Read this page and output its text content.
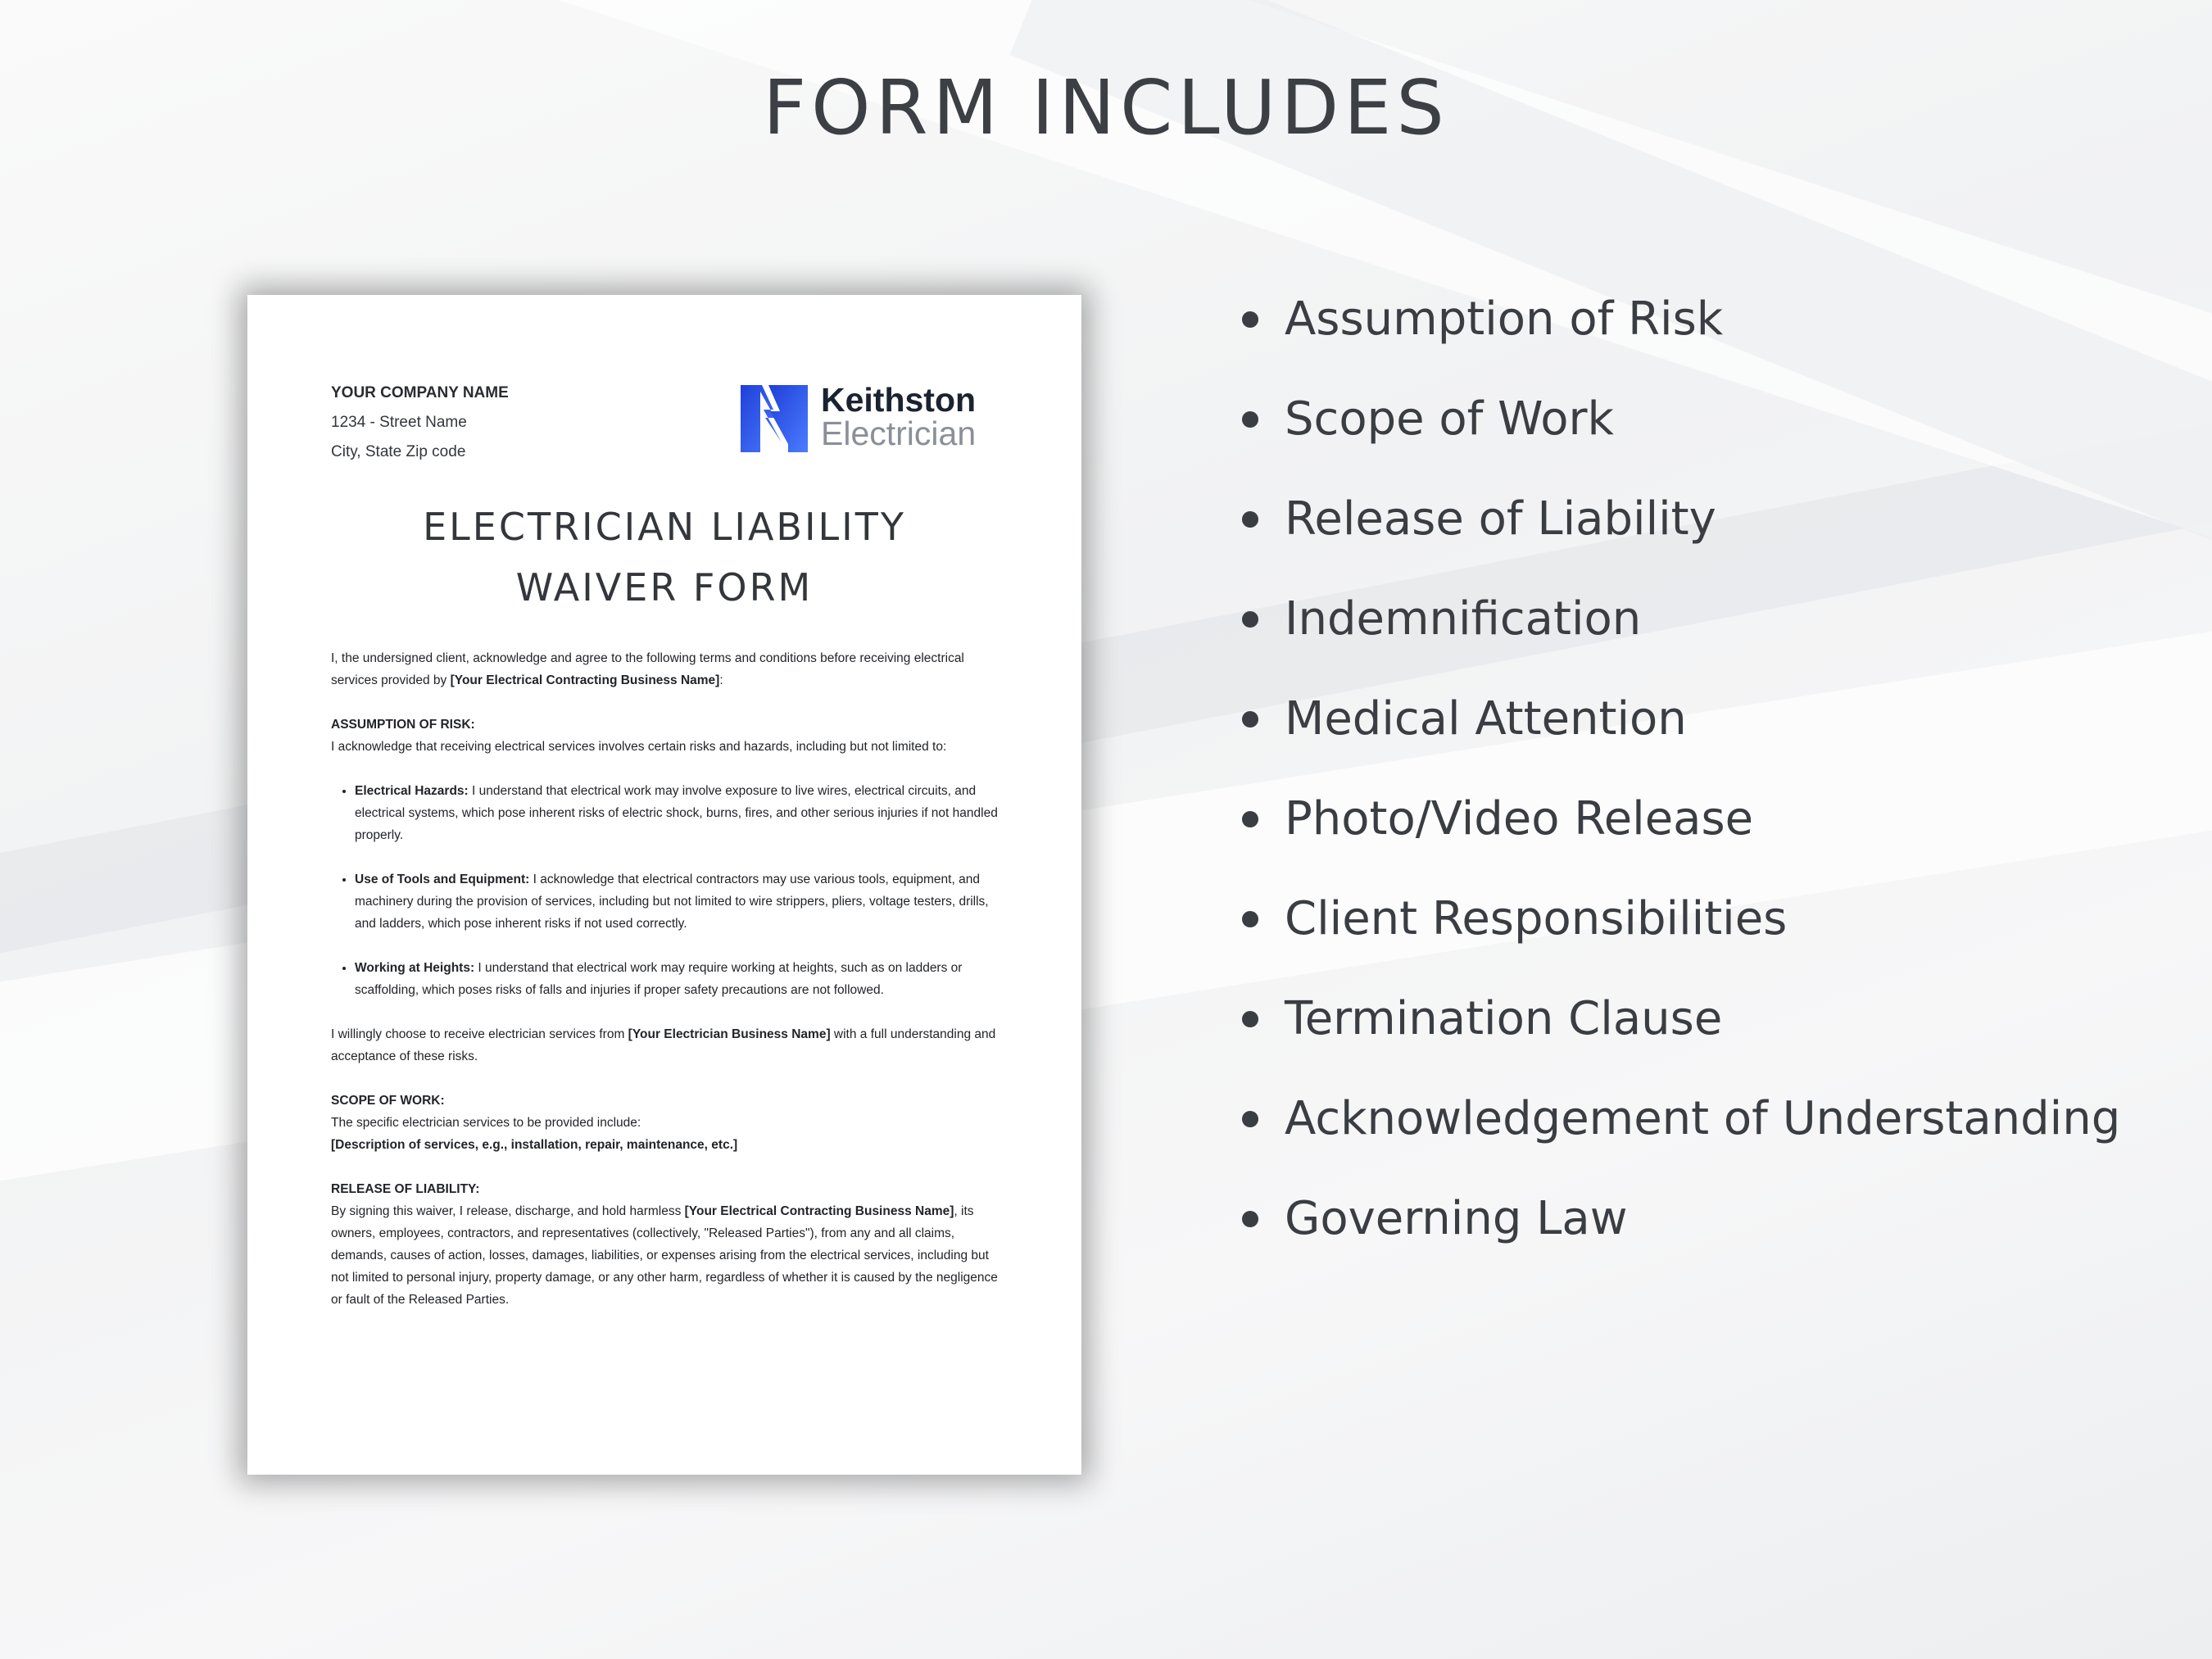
FORM INCLUDES
YOUR COMPANY NAME
1234 - Street Name
City, State Zip code
Keithston
Electrician
ELECTRICIAN LIABILITY
WAIVER FORM

I, the undersigned client, acknowledge and agree to the following terms and conditions before receiving electrical services provided by [Your Electrical Contracting Business Name]:

ASSUMPTION OF RISK:

I acknowledge that receiving electrical services involves certain risks and hazards, including but not limited to:

• Electrical Hazards: I understand that electrical work may involve exposure to live wires, electrical circuits, and electrical systems, which pose inherent risks of electric shock, burns, fires, and other serious injuries if not handled properly.
• Use of Tools and Equipment: I acknowledge that electrical contractors may use various tools, equipment, and machinery during the provision of services, including but not limited to wire strippers, pliers, voltage testers, drills, and ladders, which pose inherent risks if not used correctly.
• Working at Heights: I understand that electrical work may require working at heights, such as on ladders or scaffolding, which poses risks of falls and injuries if proper safety precautions are not followed.

I willingly choose to receive electrician services from [Your Electrician Business Name] with a full understanding and acceptance of these risks.

SCOPE OF WORK:
The specific electrician services to be provided include:

[Description of services, e.g., installation, repair, maintenance, etc.]

RELEASE OF LIABILITY:

By signing this waiver, I release, discharge, and hold harmless [Your Electrical Contracting Business Name], its owners, employees, contractors, and representatives (collectively, "Released Parties"), from any and all claims, demands, causes of action, losses, damages, liabilities, or expenses arising from the electrical services, including but not limited to personal injury, property damage, or any other harm, regardless of whether it is caused by the negligence or fault of the Released Parties.

Assumption of Risk
Scope of Work
Release of Liability
Indemnification
Medical Attention
Photo/Video Release
Client Responsibilities
Termination Clause
Acknowledgement of Understanding
Governing Law
